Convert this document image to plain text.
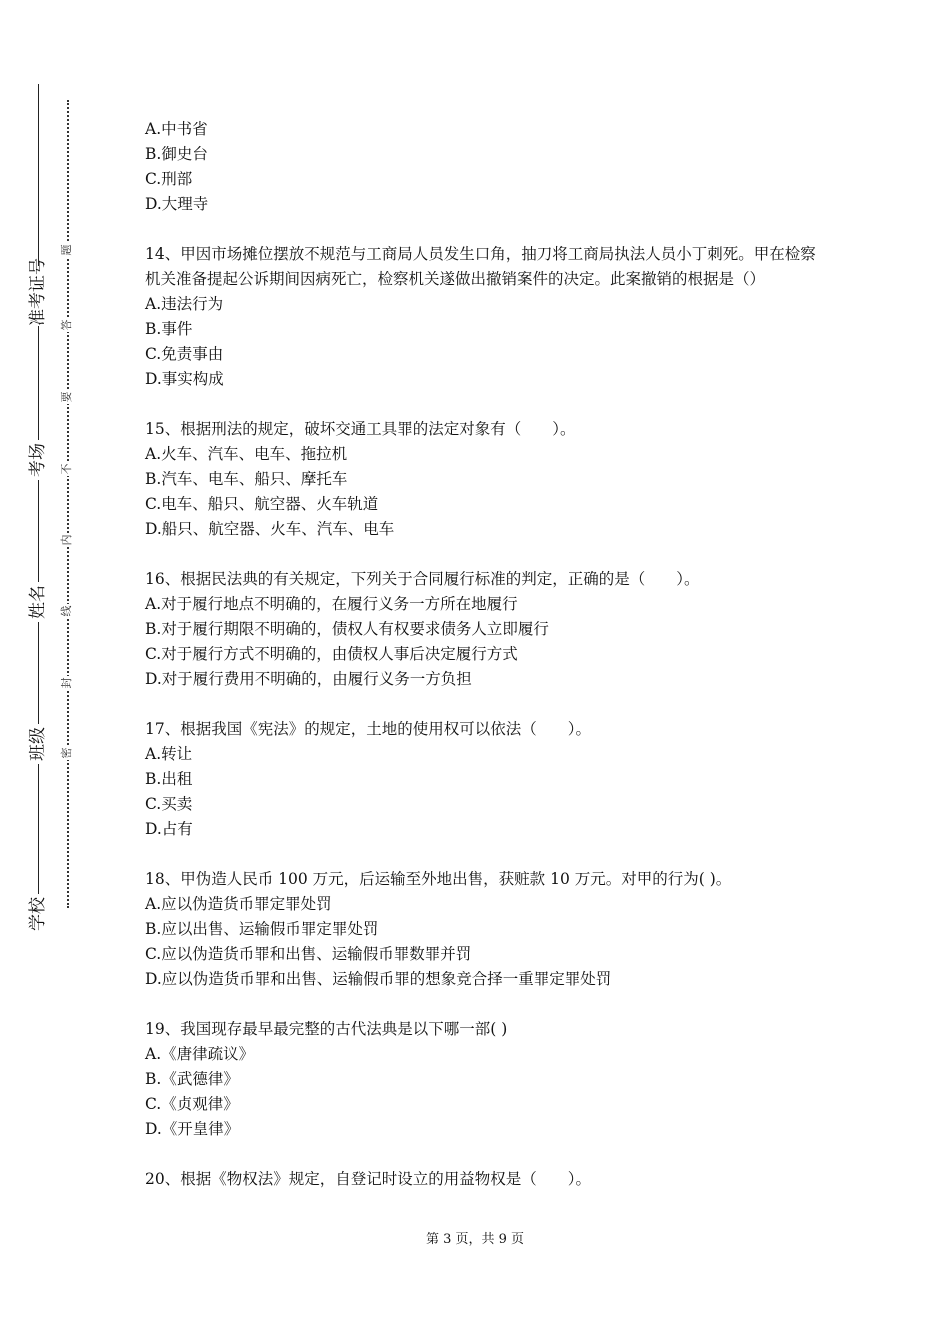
准考证号
考场
姓名
班级
学校
题
答
要
不
内
线
封
密

A.中书省

B.御史台

C.刑部

D.大理寺

14、甲因市场摊位摆放不规范与工商局人员发生口角，抽刀将工商局执法人员小丁刺死。甲在检察机关准备提起公诉期间因病死亡，检察机关遂做出撤销案件的决定。此案撤销的根据是（）

A.违法行为

B.事件

C.免责事由

D.事实构成

15、根据刑法的规定，破坏交通工具罪的法定对象有（　　）。

A.火车、汽车、电车、拖拉机

B.汽车、电车、船只、摩托车

C.电车、船只、航空器、火车轨道

D.船只、航空器、火车、汽车、电车

16、根据民法典的有关规定，下列关于合同履行标准的判定，正确的是（　　）。

A.对于履行地点不明确的，在履行义务一方所在地履行

B.对于履行期限不明确的，债权人有权要求债务人立即履行

C.对于履行方式不明确的，由债权人事后决定履行方式

D.对于履行费用不明确的，由履行义务一方负担

17、根据我国《宪法》的规定，土地的使用权可以依法（　　）。

A.转让

B.出租

C.买卖

D.占有

18、甲伪造人民币 100 万元，后运输至外地出售，获赃款 10 万元。对甲的行为( )。

A.应以伪造货币罪定罪处罚

B.应以出售、运输假币罪定罪处罚

C.应以伪造货币罪和出售、运输假币罪数罪并罚

D.应以伪造货币罪和出售、运输假币罪的想象竞合择一重罪定罪处罚

19、我国现存最早最完整的古代法典是以下哪一部( )

A.《唐律疏议》

B.《武德律》

C.《贞观律》

D.《开皇律》

20、根据《物权法》规定，自登记时设立的用益物权是（　　）。

第 3 页，共 9 页
